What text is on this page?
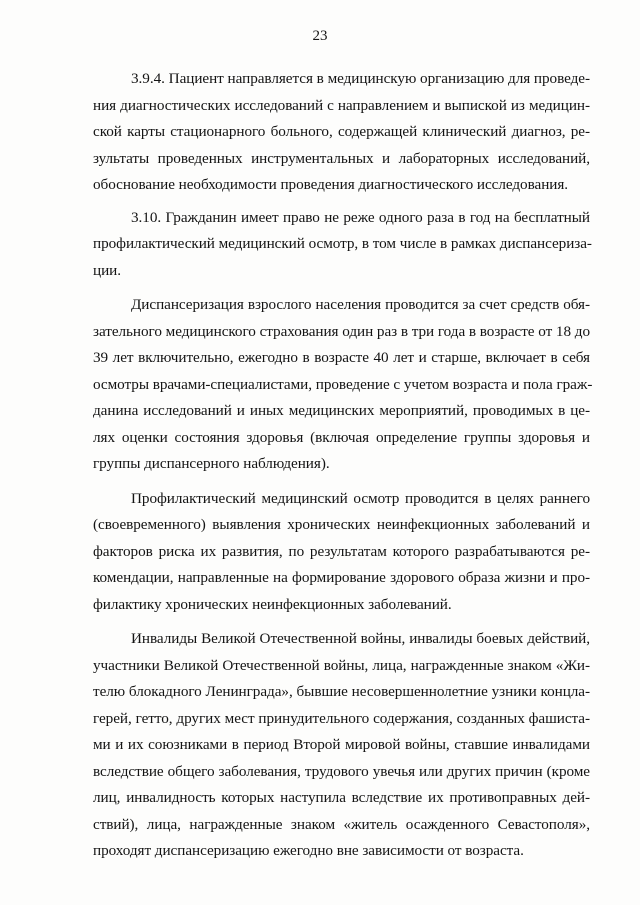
23

3.9.4. Пациент направляется в медицинскую организацию для проведе-
ния диагностических исследований с направлением и выпиской из медицин-
ской карты стационарного больного, содержащей клинический диагноз, ре-
зультаты проведенных инструментальных и лабораторных исследований,
обоснование необходимости проведения диагностического исследования.

3.10. Гражданин имеет право не реже одного раза в год на бесплатный
профилактический медицинский осмотр, в том числе в рамках диспансериза-
ции.

Диспансеризация взрослого населения проводится за счет средств обя-
зательного медицинского страхования один раз в три года в возрасте от 18 до
39 лет включительно, ежегодно в возрасте 40 лет и старше, включает в себя
осмотры врачами-специалистами, проведение с учетом возраста и пола граж-
данина исследований и иных медицинских мероприятий, проводимых в це-
лях оценки состояния здоровья (включая определение группы здоровья и
группы диспансерного наблюдения).

Профилактический медицинский осмотр проводится в целях раннего
(своевременного) выявления хронических неинфекционных заболеваний и
факторов риска их развития, по результатам которого разрабатываются ре-
комендации, направленные на формирование здорового образа жизни и про-
филактику хронических неинфекционных заболеваний.

Инвалиды Великой Отечественной войны, инвалиды боевых действий,
участники Великой Отечественной войны, лица, награжденные знаком «Жи-
телю блокадного Ленинграда», бывшие несовершеннолетние узники концла-
герей, гетто, других мест принудительного содержания, созданных фашиста-
ми и их союзниками в период Второй мировой войны, ставшие инвалидами
вследствие общего заболевания, трудового увечья или других причин (кроме
лиц, инвалидность которых наступила вследствие их противоправных дей-
ствий), лица, награжденные знаком «житель осажденного Севастополя»,
проходят диспансеризацию ежегодно вне зависимости от возраста.
